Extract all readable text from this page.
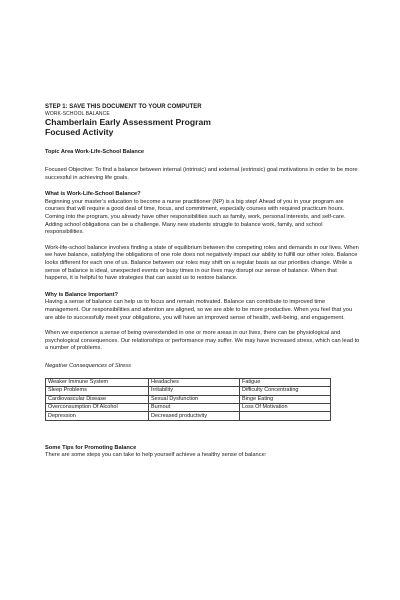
STEP 1: SAVE THIS DOCUMENT TO YOUR COMPUTER
WORK-SCHOOL BALANCE
Chamberlain Early Assessment Program
Focused Activity
Topic Area Work-Life-School Balance

Focused Objective: To find a balance between internal (intrinsic) and external (extrinsic) goal motivations in order to be more successful in achieving life goals.

What is Work-Life-School Balance?

Beginning your master’s education to become a nurse practitioner (NP) is a big step! Ahead of you in your program are courses that will require a good deal of time, focus, and commitment, especially courses with required practicum hours. Coming into the program, you already have other responsibilities such as family, work, personal interests, and self-care. Adding school obligations can be a challenge. Many new students struggle to balance work, family, and school responsibilities.

Work-life-school balance involves finding a state of equilibrium between the competing roles and demands in our lives. When we have balance, satisfying the obligations of one role does not negatively impact our ability to fulfill our other roles. Balance looks different for each one of us. Balance between our roles may shift on a regular basis as our priorities change. While a sense of balance is ideal, unexpected events or busy times in our lives may disrupt our sense of balance. When that happens, it is helpful to have strategies that can assist us to restore balance.

Why is Balance Important?

Having a sense of balance can help us to focus and remain motivated. Balance can contribute to improved time management. Our responsibilities and attention are aligned, so we are able to be more productive. When you feel that you are able to successfully meet your obligations, you will have an improved sense of health, well-being, and engagement.

When we experience a sense of being overextended in one or more areas in our lives, there can be physiological and psychological consequences. Our relationships or performance may suffer. We may have increased stress, which can lead to a number of problems.

Negative Consequences of Stress
Weaker Immune System	Headaches	Fatigue
Sleep Problems	Irritability	Difficulty Concentrating
Cardiovascular Disease	Sexual Dysfunction	Binge Eating
Overconsumption Of Alcohol	Burnout	Loss Of Motivation
Depression	Decreased productivity	
Some Tips for Promoting Balance

There are some steps you can take to help yourself achieve a healthy sense of balance:
